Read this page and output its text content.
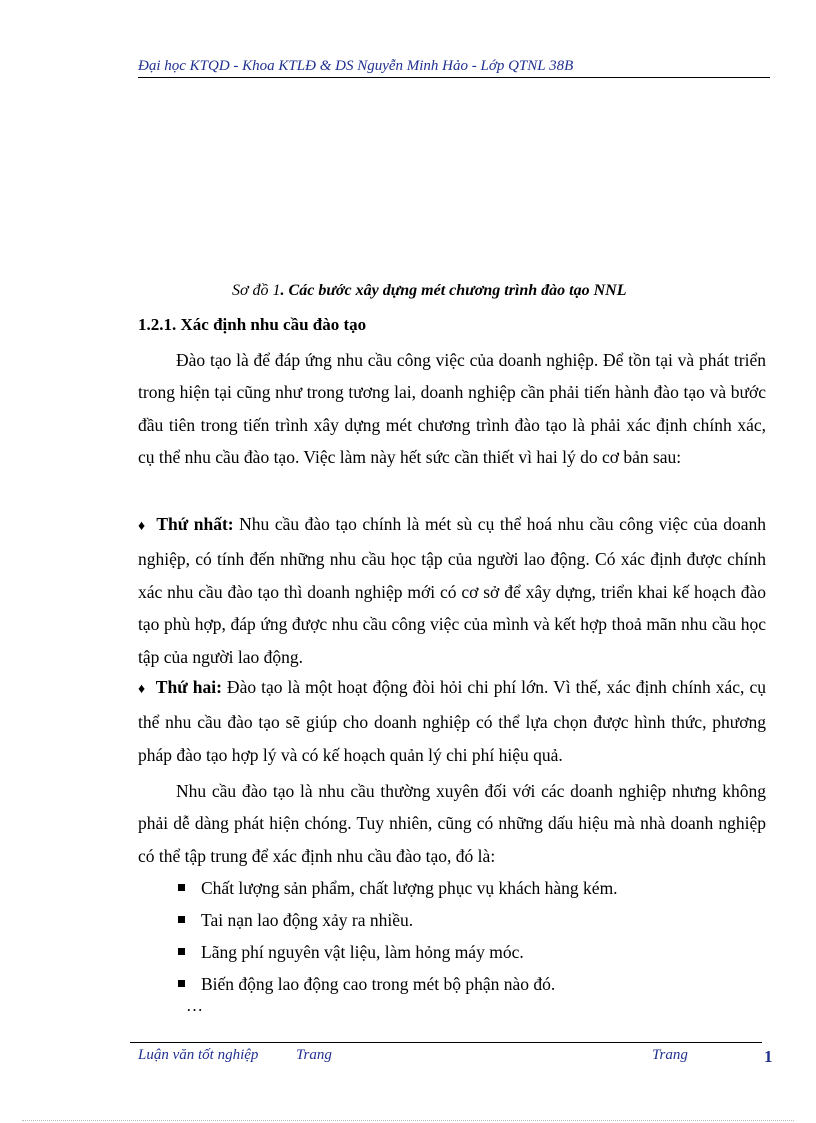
Đại học KTQD - Khoa KTLĐ & DS Nguyễn Minh Hảo - Lớp QTNL 38B
Sơ đồ 1. Các bước xây dựng mét chương trình đào tạo NNL
1.2.1. Xác định nhu cầu đào tạo

Đào tạo là để đáp ứng nhu cầu công việc của doanh nghiệp. Để tồn tại và phát triển trong hiện tại cũng như trong tương lai, doanh nghiệp cần phải tiến hành đào tạo và bước đầu tiên trong tiến trình xây dựng mét chương trình đào tạo là phải xác định chính xác, cụ thể nhu cầu đào tạo. Việc làm này hết sức cần thiết vì hai lý do cơ bản sau:

♦ Thứ nhất: Nhu cầu đào tạo chính là mét sù cụ thể hoá nhu cầu công việc của doanh nghiệp, có tính đến những nhu cầu học tập của người lao động. Có xác định được chính xác nhu cầu đào tạo thì doanh nghiệp mới có cơ sở để xây dựng, triển khai kế hoạch đào tạo phù hợp, đáp ứng được nhu cầu công việc của mình và kết hợp thoả mãn nhu cầu học tập của người lao động.

♦ Thứ hai: Đào tạo là một hoạt động đòi hỏi chi phí lớn. Vì thế, xác định chính xác, cụ thể nhu cầu đào tạo sẽ giúp cho doanh nghiệp có thể lựa chọn được hình thức, phương pháp đào tạo hợp lý và có kế hoạch quản lý chi phí hiệu quả.

Nhu cầu đào tạo là nhu cầu thường xuyên đối với các doanh nghiệp nhưng không phải dễ dàng phát hiện chóng. Tuy nhiên, cũng có những dấu hiệu mà nhà doanh nghiệp có thể tập trung để xác định nhu cầu đào tạo, đó là:

Chất lượng sản phẩm, chất lượng phục vụ khách hàng kém.
Tai nạn lao động xảy ra nhiều.
Lãng phí nguyên vật liệu, làm hỏng máy móc.
Biến động lao động cao trong mét bộ phận nào đó.
…
Luận văn tốt nghiệp	Trang	Trang	1
